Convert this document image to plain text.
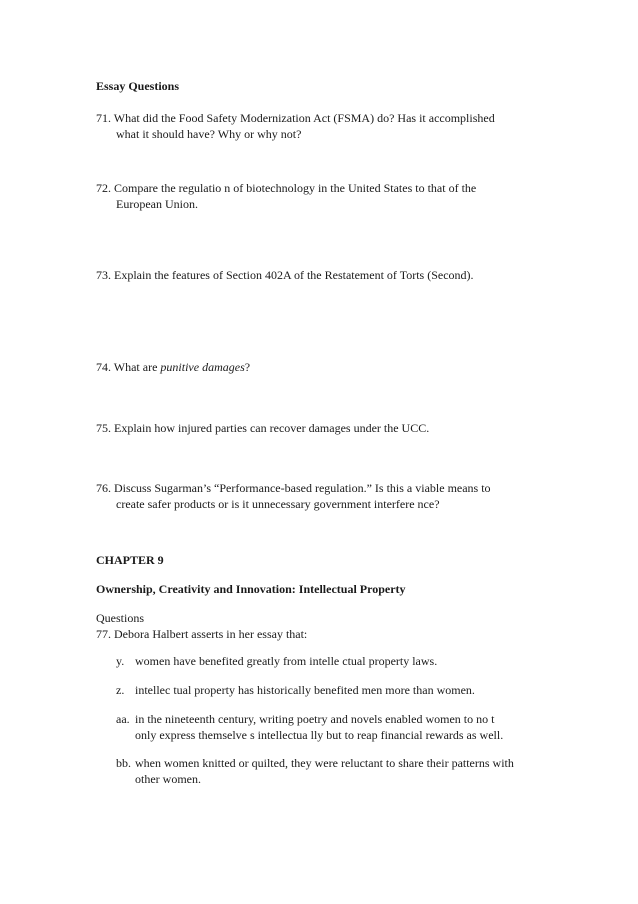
Essay Questions
71. What did the Food Safety Modernization Act (FSMA) do? Has it accomplished
what it should have? Why or why not?
72. Compare the regulatio n of biotechnology in the United States to that of the
European Union.
73. Explain the features of Section 402A of the Restatement of Torts (Second).
74. What are punitive damages?
75. Explain how injured parties can recover damages under the UCC.
76. Discuss Sugarman’s “Performance-based regulation.” Is this a viable means to
create safer products or is it unnecessary government interfere nce?
CHAPTER 9
Ownership, Creativity and Innovation: Intellectual Property
Questions
77. Debora Halbert asserts in her essay that:
y. women have benefited greatly from intelle ctual property laws.
z. intellec tual property has historically benefited men more than women.
aa. in the nineteenth century, writing poetry and novels enabled women to no t
only express themselve s intellectua lly but to reap financial rewards as well.
bb. when women knitted or quilted, they were reluctant to share their patterns with
other women.
